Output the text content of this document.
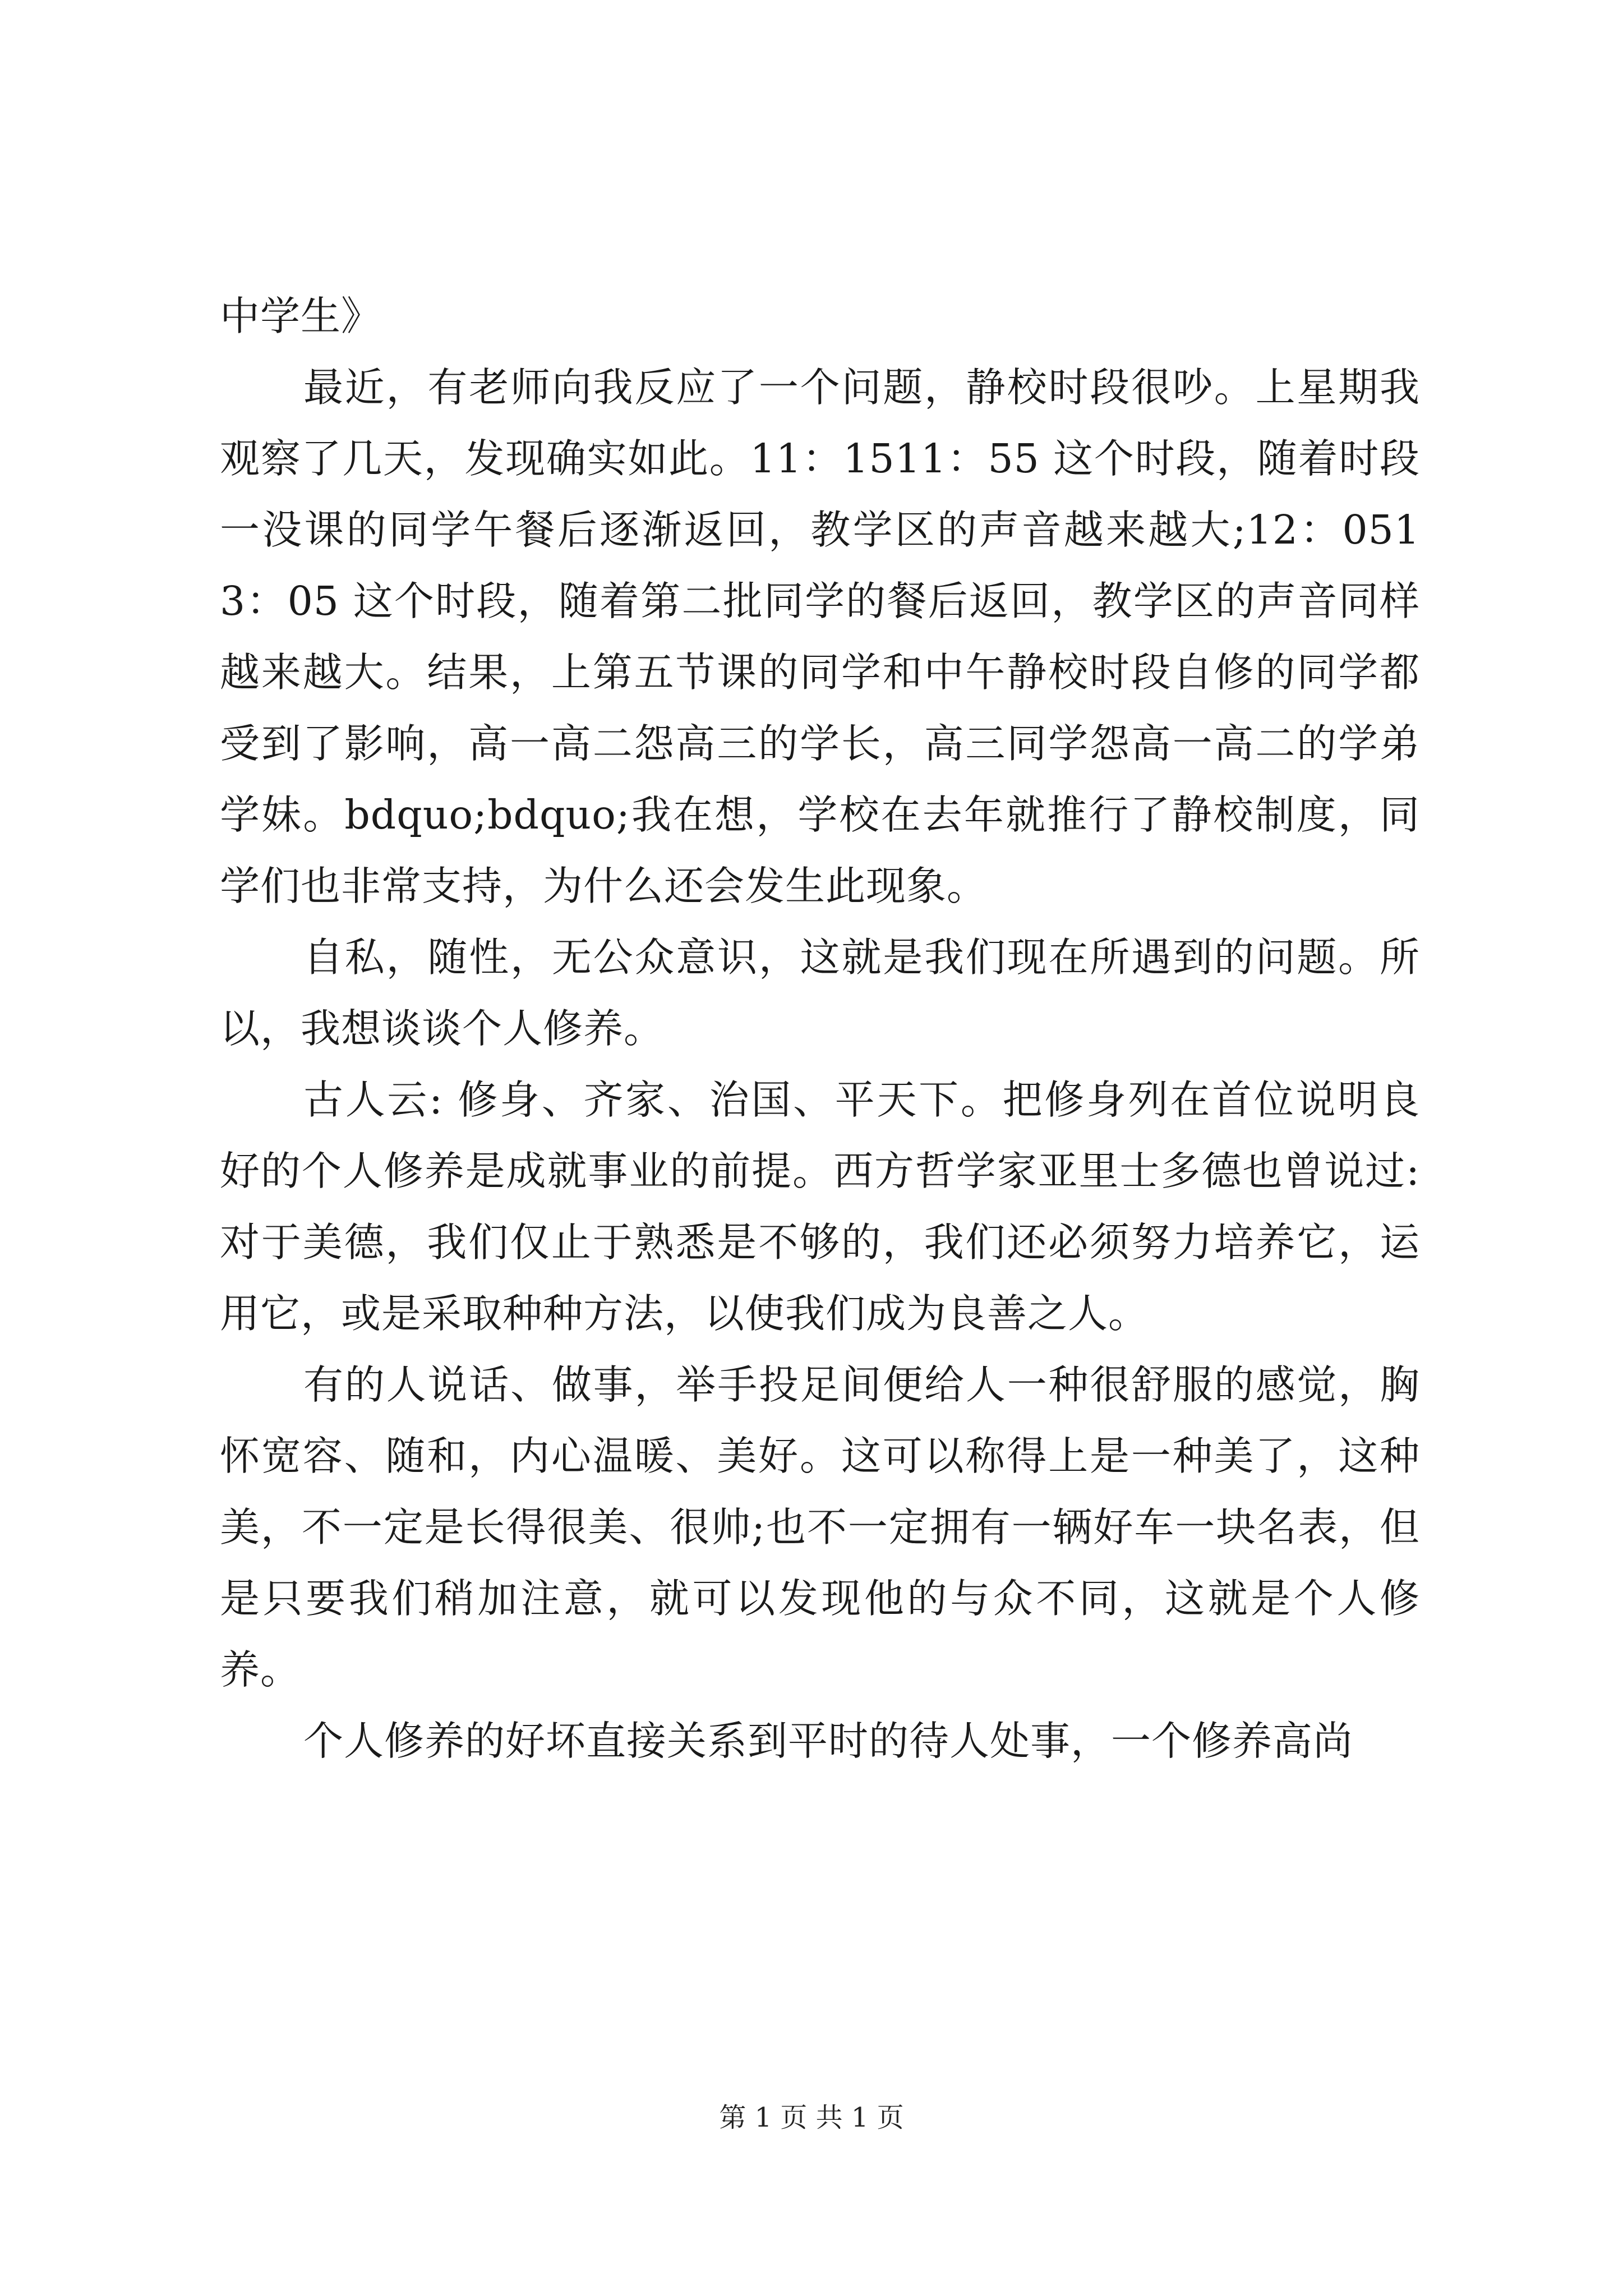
中学生》

最近，有老师向我反应了一个问题，静校时段很吵。上星期我观察了几天，发现确实如此。11：1511：55 这个时段，随着时段一没课的同学午餐后逐渐返回，教学区的声音越来越大;12：0513：05 这个时段，随着第二批同学的餐后返回，教学区的声音同样越来越大。结果，上第五节课的同学和中午静校时段自修的同学都受到了影响，高一高二怨高三的学长，高三同学怨高一高二的学弟学妹。bdquo;bdquo;我在想，学校在去年就推行了静校制度，同学们也非常支持，为什么还会发生此现象。

自私，随性，无公众意识，这就是我们现在所遇到的问题。所以，我想谈谈个人修养。

古人云: 修身、齐家、治国、平天下。把修身列在首位说明良好的个人修养是成就事业的前提。西方哲学家亚里士多德也曾说过: 对于美德，我们仅止于熟悉是不够的，我们还必须努力培养它，运用它，或是采取种种方法，以使我们成为良善之人。

有的人说话、做事，举手投足间便给人一种很舒服的感觉，胸怀宽容、随和，内心温暖、美好。这可以称得上是一种美了，这种美，不一定是长得很美、很帅;也不一定拥有一辆好车一块名表，但是只要我们稍加注意，就可以发现他的与众不同，这就是个人修养。

个人修养的好坏直接关系到平时的待人处事，一个修养高尚

第 1 页 共 1 页
